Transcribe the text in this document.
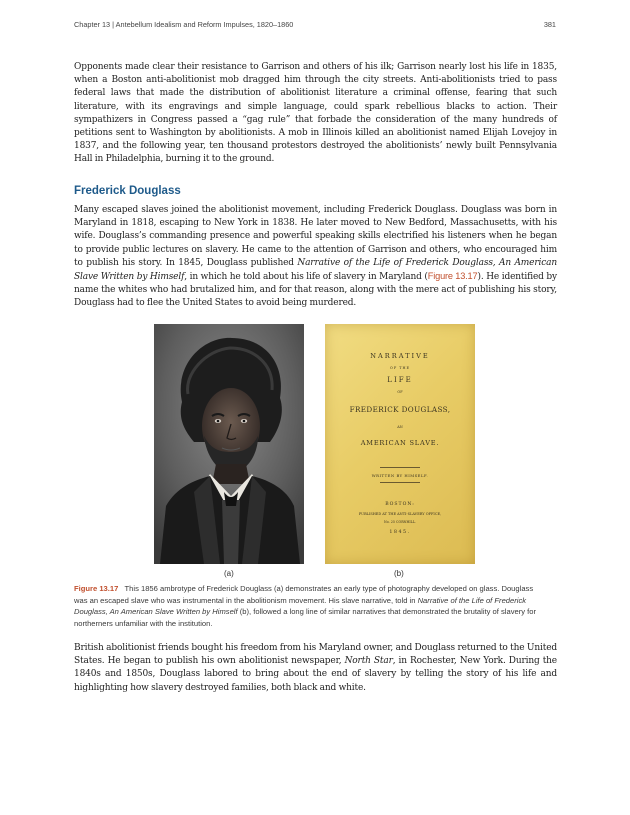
Chapter 13 | Antebellum Idealism and Reform Impulses, 1820–1860	381

Opponents made clear their resistance to Garrison and others of his ilk; Garrison nearly lost his life in 1835, when a Boston anti-abolitionist mob dragged him through the city streets. Anti-abolitionists tried to pass federal laws that made the distribution of abolitionist literature a criminal offense, fearing that such literature, with its engravings and simple language, could spark rebellious blacks to action. Their sympathizers in Congress passed a “gag rule” that forbade the consideration of the many hundreds of petitions sent to Washington by abolitionists. A mob in Illinois killed an abolitionist named Elijah Lovejoy in 1837, and the following year, ten thousand protestors destroyed the abolitionists’ newly built Pennsylvania Hall in Philadelphia, burning it to the ground.

Frederick Douglass

Many escaped slaves joined the abolitionist movement, including Frederick Douglass. Douglass was born in Maryland in 1818, escaping to New York in 1838. He later moved to New Bedford, Massachusetts, with his wife. Douglass’s commanding presence and powerful speaking skills electrified his listeners when he began to provide public lectures on slavery. He came to the attention of Garrison and others, who encouraged him to publish his story. In 1845, Douglass published Narrative of the Life of Frederick Douglass, An American Slave Written by Himself, in which he told about his life of slavery in Maryland (Figure 13.17). He identified by name the whites who had brutalized him, and for that reason, along with the mere act of publishing his story, Douglass had to flee the United States to avoid being murdered.

NARRATIVE

OF THE

LIFE

OF

FREDERICK DOUGLASS,

AN

AMERICAN SLAVE.

WRITTEN BY HIMSELF.

BOSTON:

PUBLISHED AT THE ANTI-SLAVERY OFFICE,

No. 25 CORNHILL.

1845.

(a)	(b)

Figure 13.17 This 1856 ambrotype of Frederick Douglass (a) demonstrates an early type of photography developed on glass. Douglass was an escaped slave who was instrumental in the abolitionism movement. His slave narrative, told in Narrative of the Life of Frederick Douglass, An American Slave Written by Himself (b), followed a long line of similar narratives that demonstrated the brutality of slavery for northerners unfamiliar with the institution.

British abolitionist friends bought his freedom from his Maryland owner, and Douglass returned to the United States. He began to publish his own abolitionist newspaper, North Star, in Rochester, New York. During the 1840s and 1850s, Douglass labored to bring about the end of slavery by telling the story of his life and highlighting how slavery destroyed families, both black and white.
